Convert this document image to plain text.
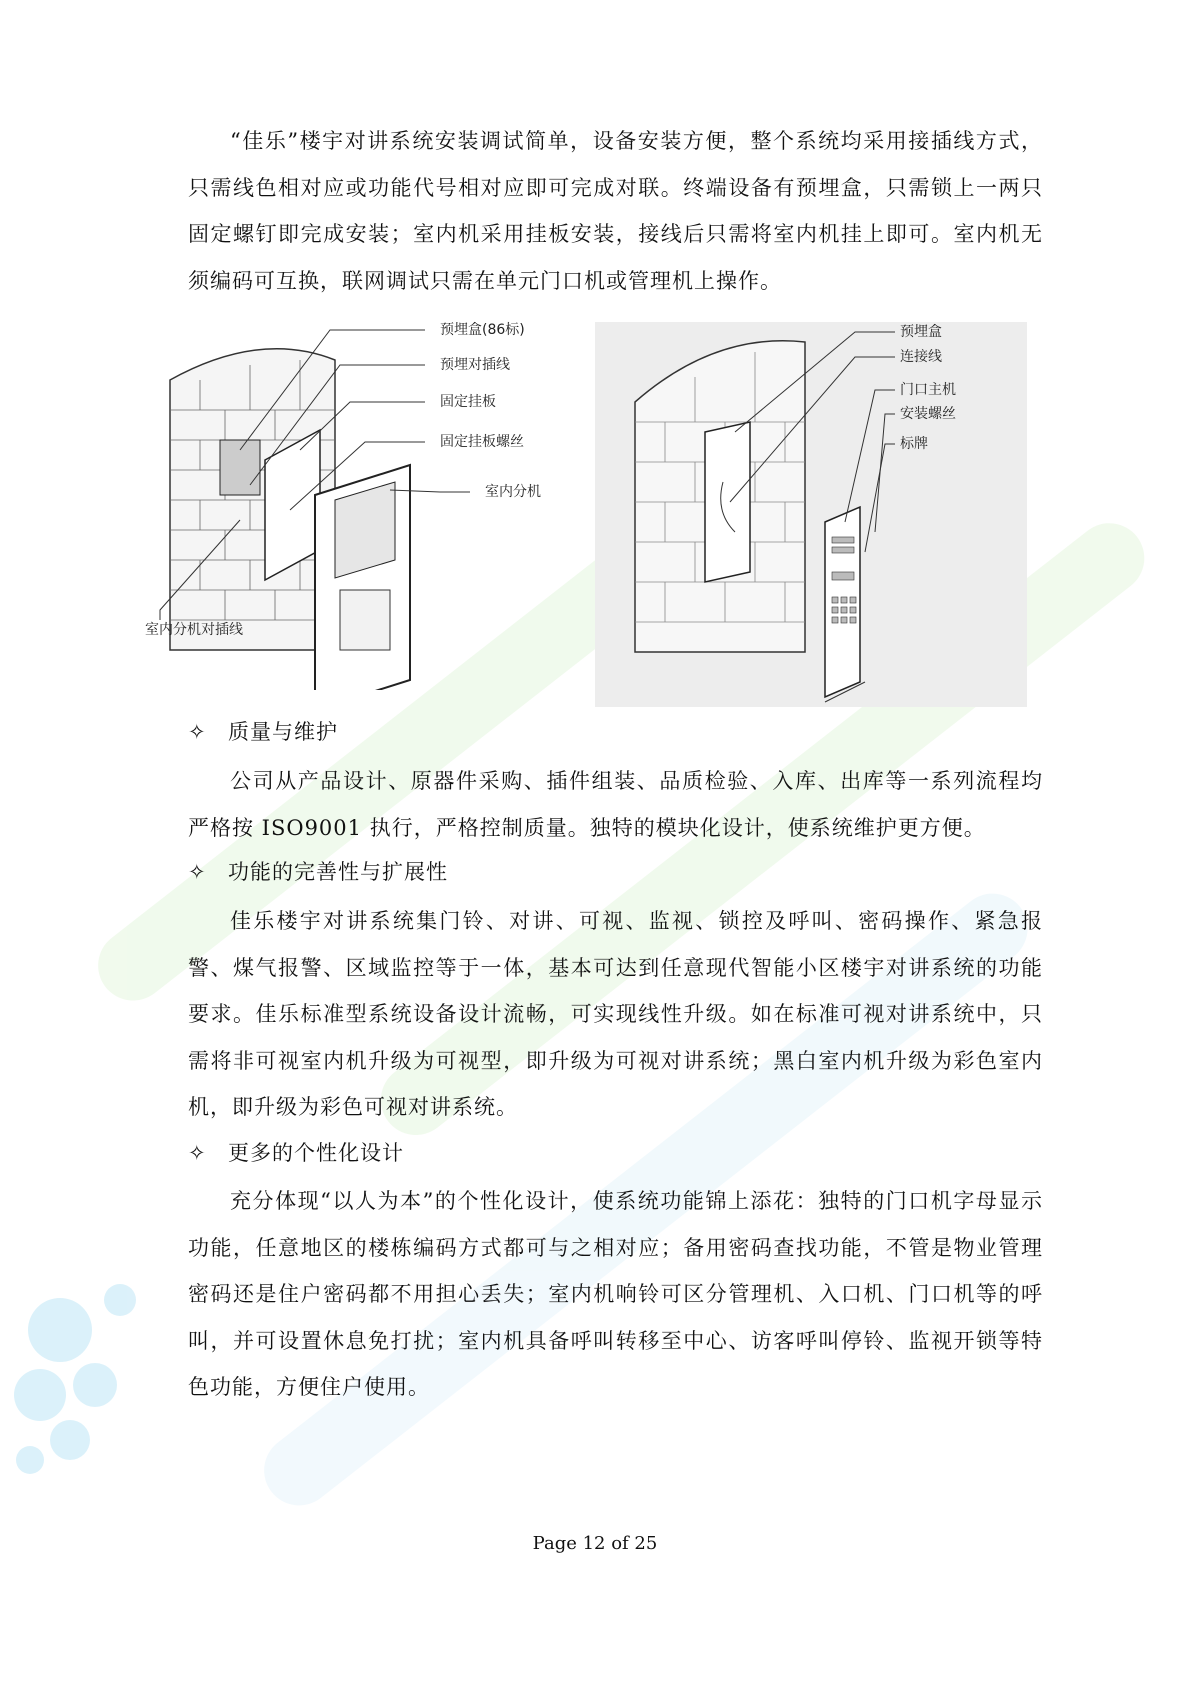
“佳乐”楼宇对讲系统安装调试简单，设备安装方便，整个系统均采用接插线方式，只需线色相对应或功能代号相对应即可完成对联。终端设备有预埋盒，只需锁上一两只固定螺钉即完成安装；室内机采用挂板安装，接线后只需将室内机挂上即可。室内机无须编码可互换，联网调试只需在单元门口机或管理机上操作。
预埋盒(86标)
预埋对插线
固定挂板
固定挂板螺丝
室内分机
室内分机对插线
预埋盒
连接线
门口主机
安装螺丝
标牌
✧ 质量与维护
公司从产品设计、原器件采购、插件组装、品质检验、入库、出库等一系列流程均严格按 ISO9001 执行，严格控制质量。独特的模块化设计，使系统维护更方便。
✧ 功能的完善性与扩展性
佳乐楼宇对讲系统集门铃、对讲、可视、监视、锁控及呼叫、密码操作、紧急报警、煤气报警、区域监控等于一体，基本可达到任意现代智能小区楼宇对讲系统的功能要求。佳乐标准型系统设备设计流畅，可实现线性升级。如在标准可视对讲系统中，只需将非可视室内机升级为可视型，即升级为可视对讲系统；黑白室内机升级为彩色室内机，即升级为彩色可视对讲系统。
✧ 更多的个性化设计
充分体现“以人为本”的个性化设计，使系统功能锦上添花：独特的门口机字母显示功能，任意地区的楼栋编码方式都可与之相对应；备用密码查找功能，不管是物业管理密码还是住户密码都不用担心丢失；室内机响铃可区分管理机、入口机、门口机等的呼叫，并可设置休息免打扰；室内机具备呼叫转移至中心、访客呼叫停铃、监视开锁等特色功能，方便住户使用。
Page 12 of 25
